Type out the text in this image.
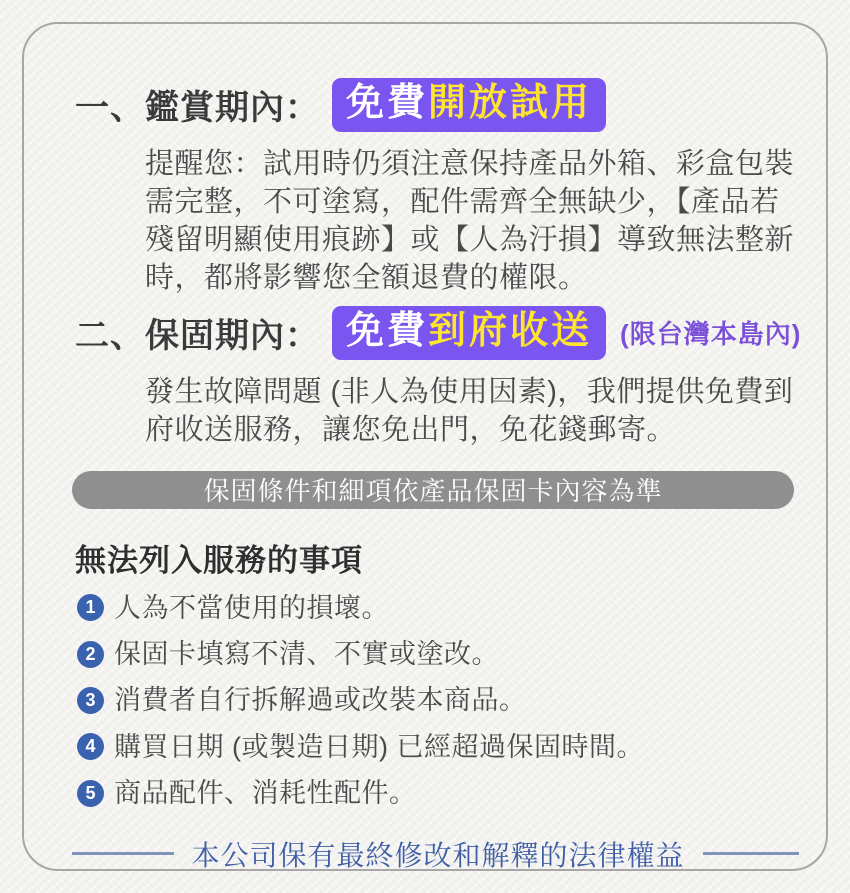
一、鑑賞期內： 免費開放試用
提醒您：試用時仍須注意保持產品外箱、彩盒包裝
需完整，不可塗寫，配件需齊全無缺少，【產品若
殘留明顯使用痕跡】或【人為汙損】導致無法整新
時，都將影響您全額退費的權限。
二、保固期內： 免費到府收送	(限台灣本島內)
發生故障問題 (非人為使用因素)，我們提供免費到
府收送服務，讓您免出門，免花錢郵寄。
保固條件和細項依產品保固卡內容為準
無法列入服務的事項
1 人為不當使用的損壞。
2 保固卡填寫不清、不實或塗改。
3 消費者自行拆解過或改裝本商品。
4 購買日期 (或製造日期) 已經超過保固時間。
5 商品配件、消耗性配件。
本公司保有最終修改和解釋的法律權益
